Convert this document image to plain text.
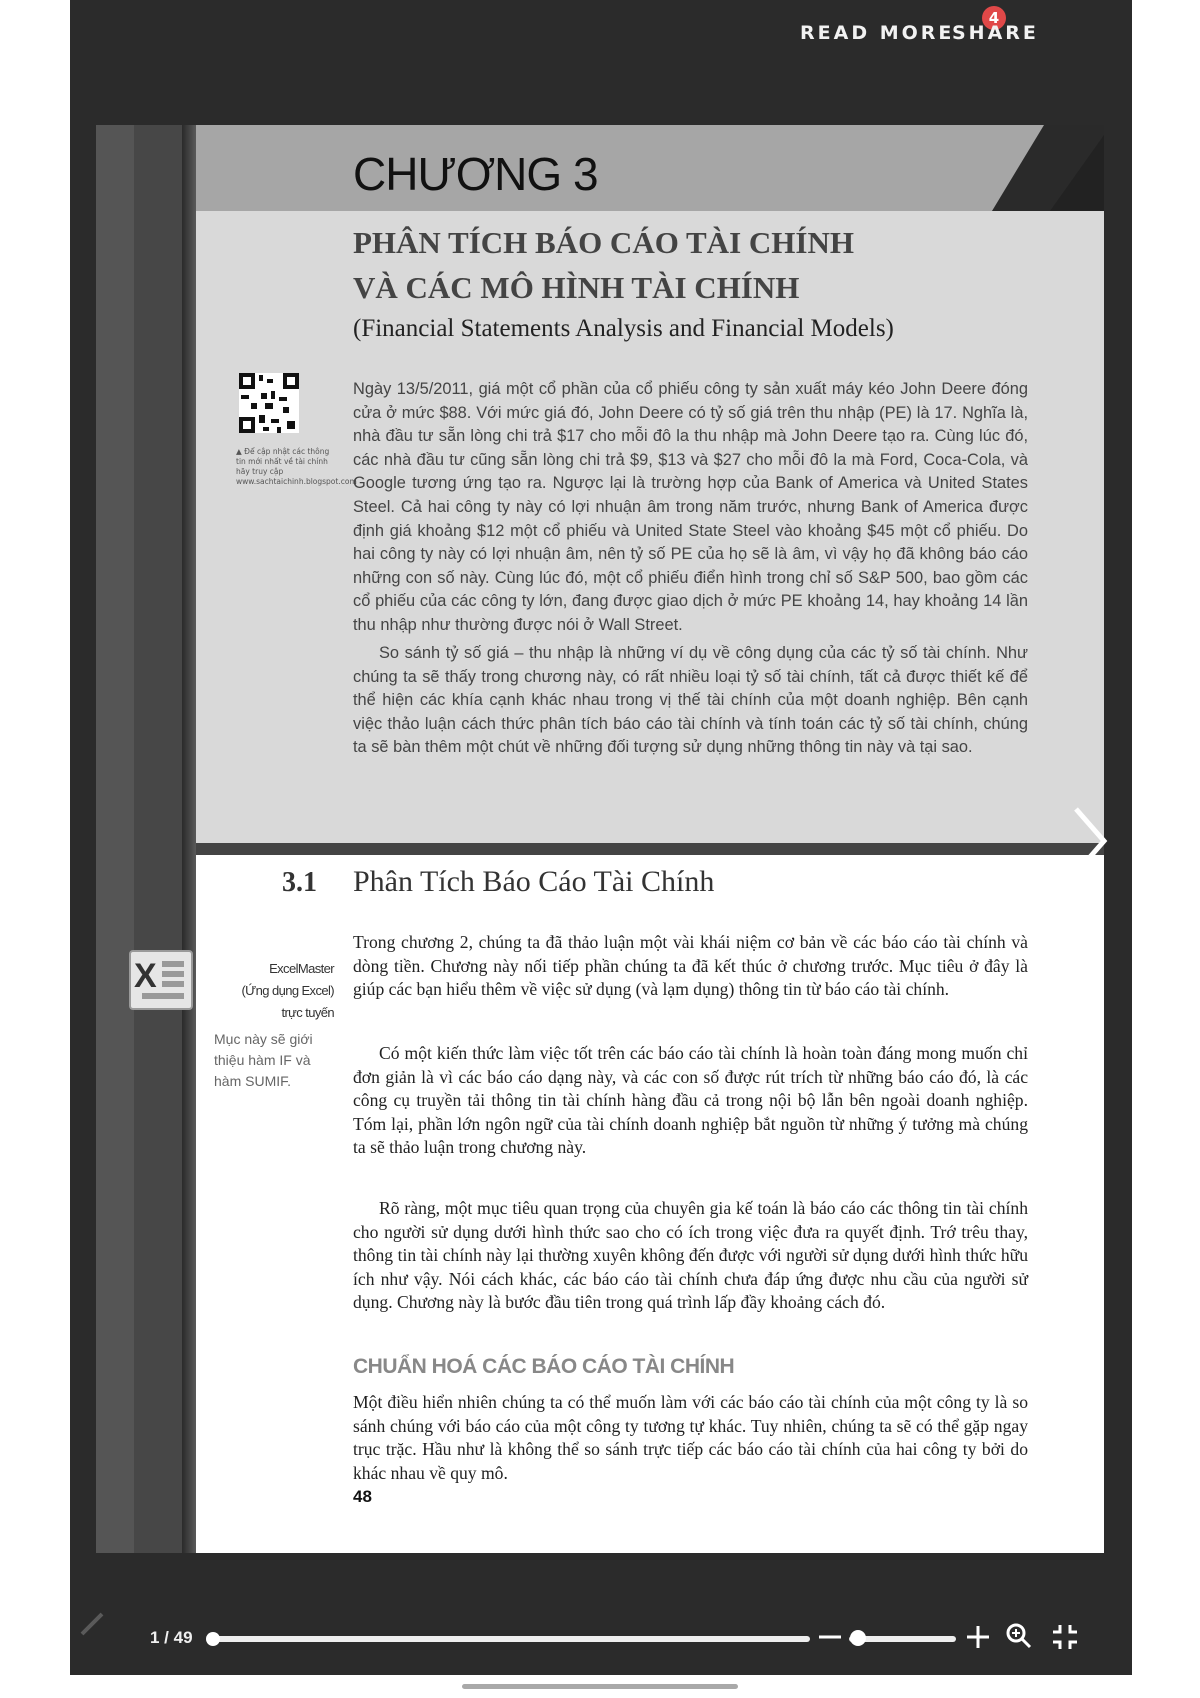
READ MORE
4
SHARE
CHƯƠNG 3
PHÂN TÍCH BÁO CÁO TÀI CHÍNH
VÀ CÁC MÔ HÌNH TÀI CHÍNH
(Financial Statements Analysis and Financial Models)
▲ Để cập nhật các thông tin mới nhất về tài chính hãy truy cập www.sachtaichinh.blogspot.com

Ngày 13/5/2011, giá một cổ phần của cổ phiếu công ty sản xuất máy kéo John Deere đóng cửa ở mức $88. Với mức giá đó, John Deere có tỷ số giá trên thu nhập (PE) là 17. Nghĩa là, nhà đầu tư sẵn lòng chi trả $17 cho mỗi đô la thu nhập mà John Deere tạo ra. Cùng lúc đó, các nhà đầu tư cũng sẵn lòng chi trả $9, $13 và $27 cho mỗi đô la mà Ford, Coca-Cola, và Google tương ứng tạo ra. Ngược lại là trường hợp của Bank of America và United States Steel. Cả hai công ty này có lợi nhuận âm trong năm trước, nhưng Bank of America được định giá khoảng $12 một cổ phiếu và United State Steel vào khoảng $45 một cổ phiếu. Do hai công ty này có lợi nhuận âm, nên tỷ số PE của họ sẽ là âm, vì vậy họ đã không báo cáo những con số này. Cùng lúc đó, một cổ phiếu điển hình trong chỉ số S&P 500, bao gồm các cổ phiếu của các công ty lớn, đang được giao dịch ở mức PE khoảng 14, hay khoảng 14 lần thu nhập như thường được nói ở Wall Street.

So sánh tỷ số giá – thu nhập là những ví dụ về công dụng của các tỷ số tài chính. Như chúng ta sẽ thấy trong chương này, có rất nhiều loại tỷ số tài chính, tất cả được thiết kế để thể hiện các khía cạnh khác nhau trong vị thế tài chính của một doanh nghiệp. Bên cạnh việc thảo luận cách thức phân tích báo cáo tài chính và tính toán các tỷ số tài chính, chúng ta sẽ bàn thêm một chút về những đối tượng sử dụng những thông tin này và tại sao.

3.1 Phân Tích Báo Cáo Tài Chính
ExcelMaster
(Ứng dụng Excel)
trực tuyến
Mục này sẽ giới thiệu hàm IF và hàm SUMIF.

Trong chương 2, chúng ta đã thảo luận một vài khái niệm cơ bản về các báo cáo tài chính và dòng tiền. Chương này nối tiếp phần chúng ta đã kết thúc ở chương trước. Mục tiêu ở đây là giúp các bạn hiểu thêm về việc sử dụng (và lạm dụng) thông tin từ báo cáo tài chính.

Có một kiến thức làm việc tốt trên các báo cáo tài chính là hoàn toàn đáng mong muốn chỉ đơn giản là vì các báo cáo dạng này, và các con số được rút trích từ những báo cáo đó, là các công cụ truyền tải thông tin tài chính hàng đầu cả trong nội bộ lẫn bên ngoài doanh nghiệp. Tóm lại, phần lớn ngôn ngữ của tài chính doanh nghiệp bắt nguồn từ những ý tưởng mà chúng ta sẽ thảo luận trong chương này.

Rõ ràng, một mục tiêu quan trọng của chuyên gia kế toán là báo cáo các thông tin tài chính cho người sử dụng dưới hình thức sao cho có ích trong việc đưa ra quyết định. Trớ trêu thay, thông tin tài chính này lại thường xuyên không đến được với người sử dụng dưới hình thức hữu ích như vậy. Nói cách khác, các báo cáo tài chính chưa đáp ứng được nhu cầu của người sử dụng. Chương này là bước đầu tiên trong quá trình lấp đầy khoảng cách đó.

CHUẨN HOÁ CÁC BÁO CÁO TÀI CHÍNH

Một điều hiển nhiên chúng ta có thể muốn làm với các báo cáo tài chính của một công ty là so sánh chúng với báo cáo của một công ty tương tự khác. Tuy nhiên, chúng ta sẽ có thể gặp ngay trục trặc. Hầu như là không thể so sánh trực tiếp các báo cáo tài chính của hai công ty bởi do khác nhau về quy mô.

48
X
1 / 49
